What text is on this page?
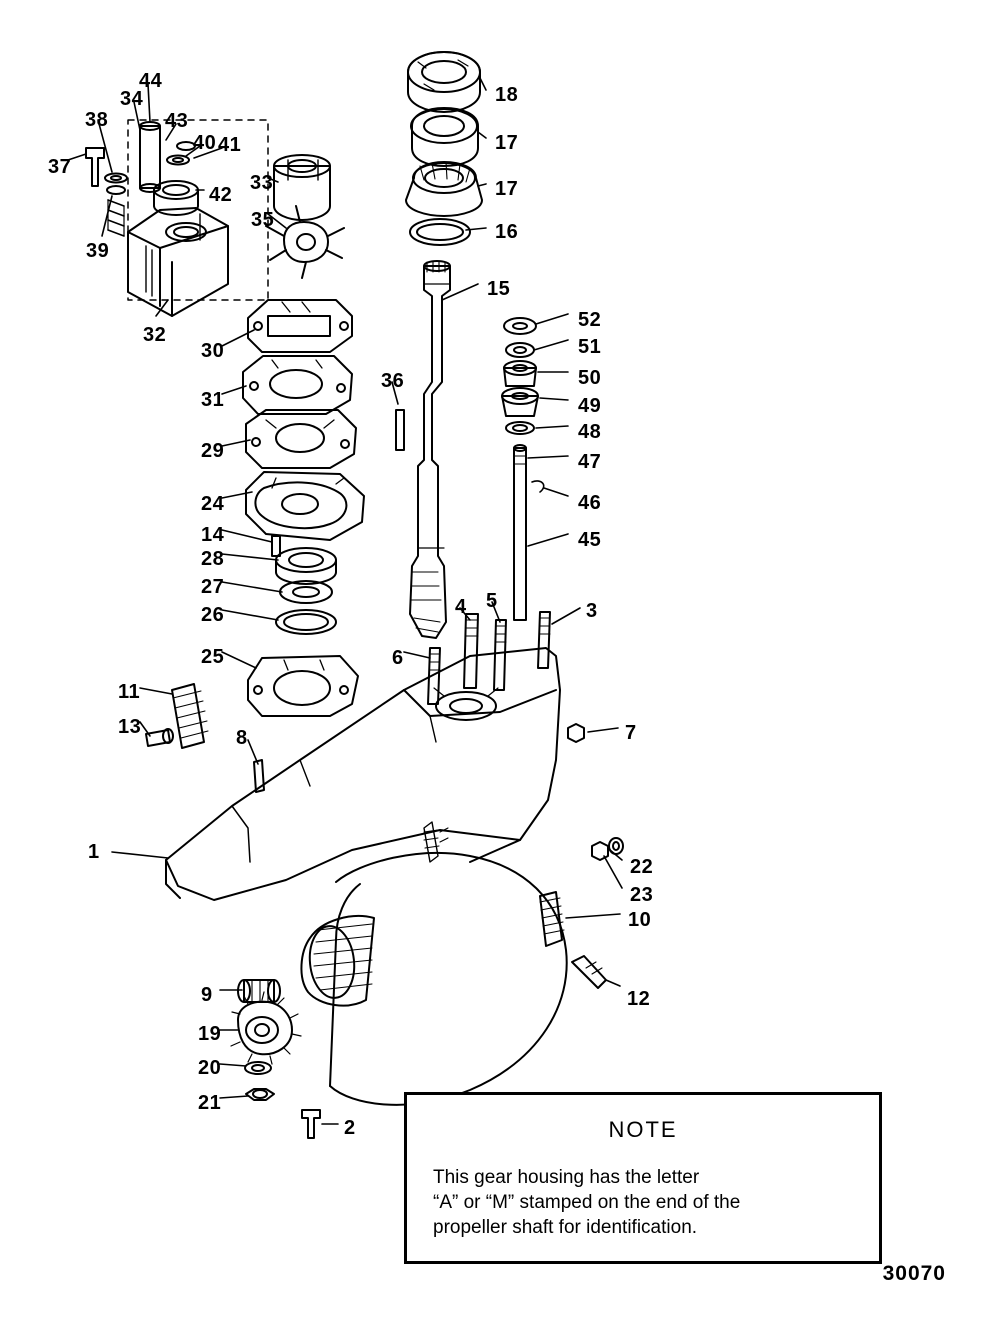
1
2
3
4 5
6
7
8
9
10
11
12
13
14
15
16
17
17
18
19
20
21
22
23
24
25
26
27
28
29
30
31
32
33
34
35
36
37
38
39
40 41
42
43
44
45
46
47
48
49
50
51
52
NOTE
This gear housing has the letter
“A” or “M” stamped on the end of the
propeller shaft for identification.
30070
